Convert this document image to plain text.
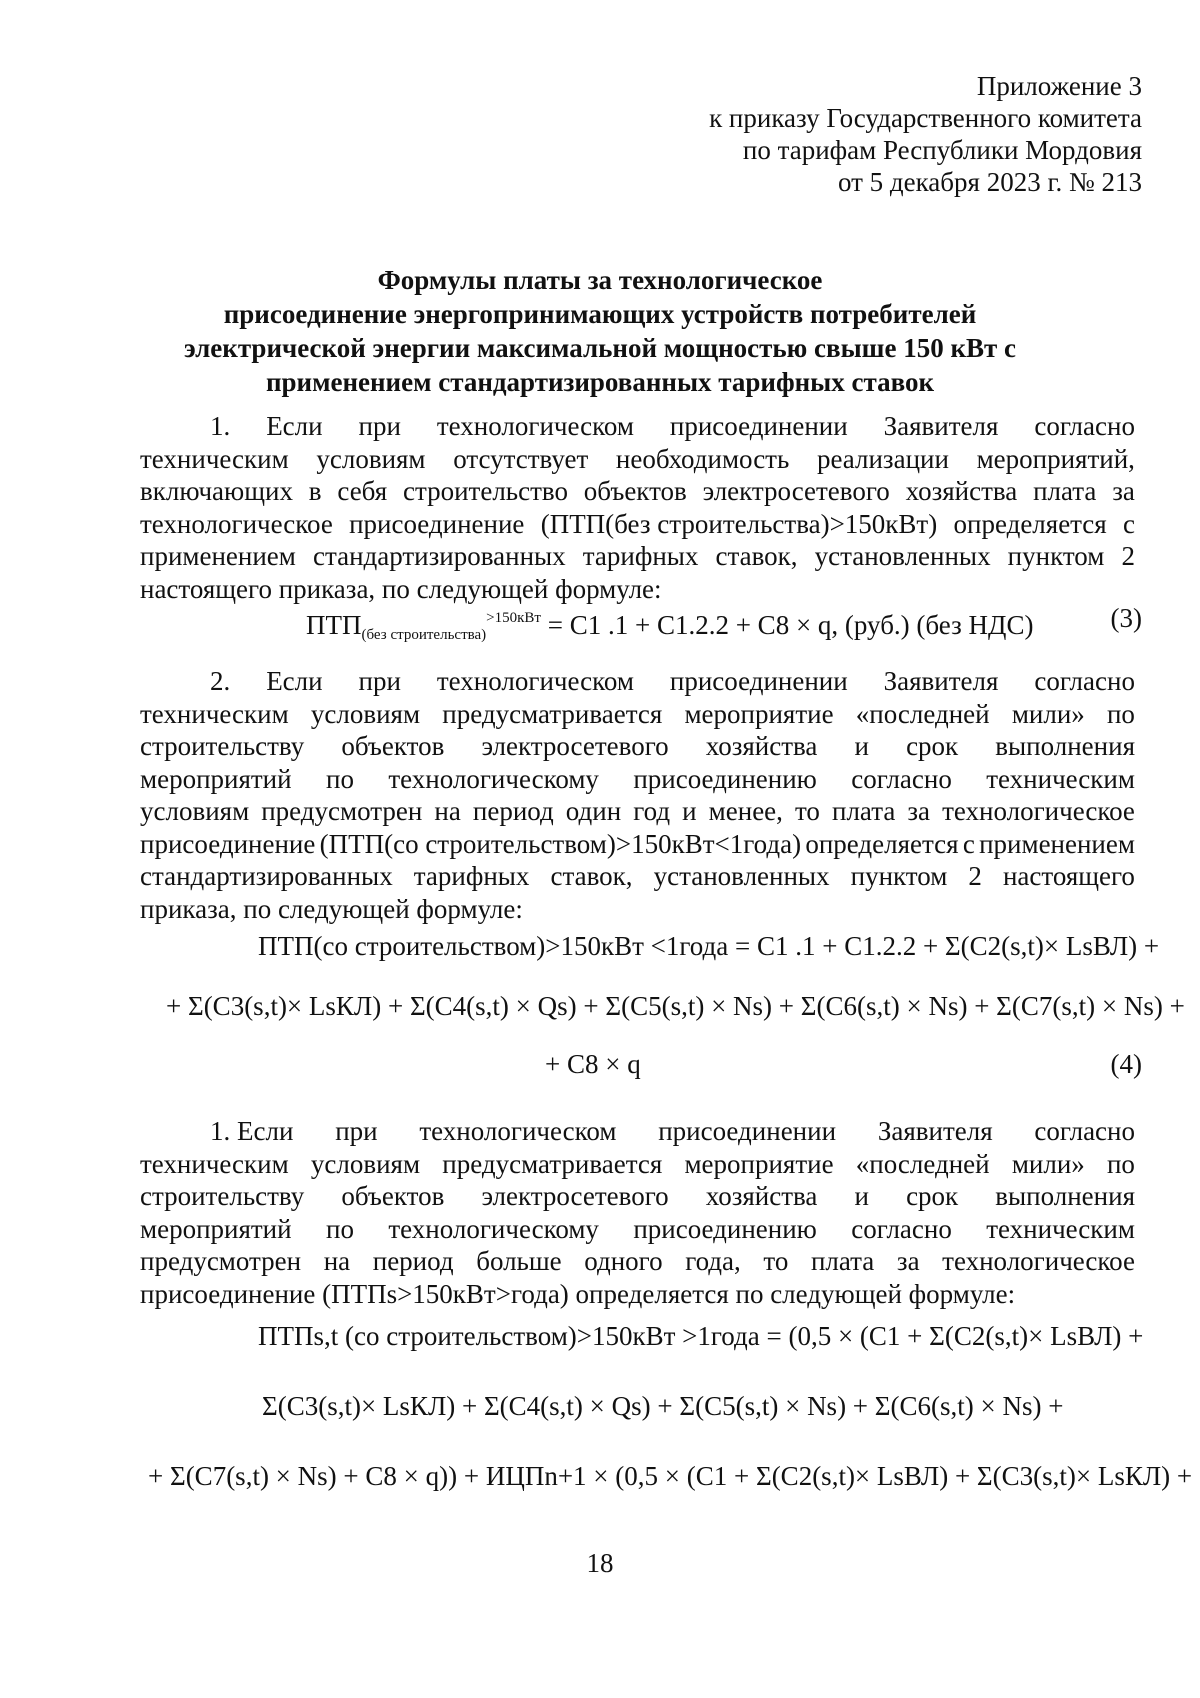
Приложение 3
к приказу Государственного комитета
по тарифам Республики Мордовия
от 5 декабря 2023 г. № 213
Формулы платы за технологическое
присоединение энергопринимающих устройств потребителей
электрической энергии максимальной мощностью свыше 150 кВт с
применением стандартизированных тарифных ставок
1. Если при технологическом присоединении Заявителя согласно
техническим условиям отсутствует необходимость реализации мероприятий,
включающих в себя строительство объектов электросетевого хозяйства плата за
технологическое присоединение (ПТП(без строительства)>150кВт) определяется с
применением стандартизированных тарифных ставок, установленных пунктом 2
настоящего приказа, по следующей формуле:
$ПТП_{(без строительства)}^{>150кВт} = C1$ .1 + C1.2.2 + C8 × q, (руб.) (без НДС)	(3)
2. Если при технологическом присоединении Заявителя согласно
техническим условиям предусматривается мероприятие «последней мили» по
строительству объектов электросетевого хозяйства и срок выполнения
мероприятий по технологическому присоединению согласно техническим
условиям предусмотрен на период один год и менее, то плата за технологическое
присоединение (ПТП(со строительством)>150кВт<1года) определяется с применением
стандартизированных тарифных ставок, установленных пунктом 2 настоящего
приказа, по следующей формуле:
ПТП(со строительством)>150кВт <1года = C1 .1 + C1.2.2 + Σ(C2(s,t)× LsВЛ) +
+ Σ(C3(s,t)× LsКЛ) + Σ(C4(s,t) × Qs) + Σ(C5(s,t) × Ns) + Σ(C6(s,t) × Ns) + Σ(C7(s,t) × Ns) +
+ C8 × q	(4)
1. Если при технологическом присоединении Заявителя согласно
техническим условиям предусматривается мероприятие «последней мили» по
строительству объектов электросетевого хозяйства и срок выполнения
мероприятий по технологическому присоединению согласно техническим
предусмотрен на период больше одного года, то плата за технологическое
присоединение (ПТПs>150кВт>года) определяется по следующей формуле:
ПТПs,t (со строительством)>150кВт >1года = (0,5 × (C1 + Σ(C2(s,t)× LsВЛ) +
Σ(C3(s,t)× LsКЛ) + Σ(C4(s,t) × Qs) + Σ(C5(s,t) × Ns) + Σ(C6(s,t) × Ns) +
+ Σ(C7(s,t) × Ns) + C8 × q)) + ИЦПn+1 × (0,5 × (C1 + Σ(C2(s,t)× LsВЛ) + Σ(C3(s,t)× LsКЛ) +
18
